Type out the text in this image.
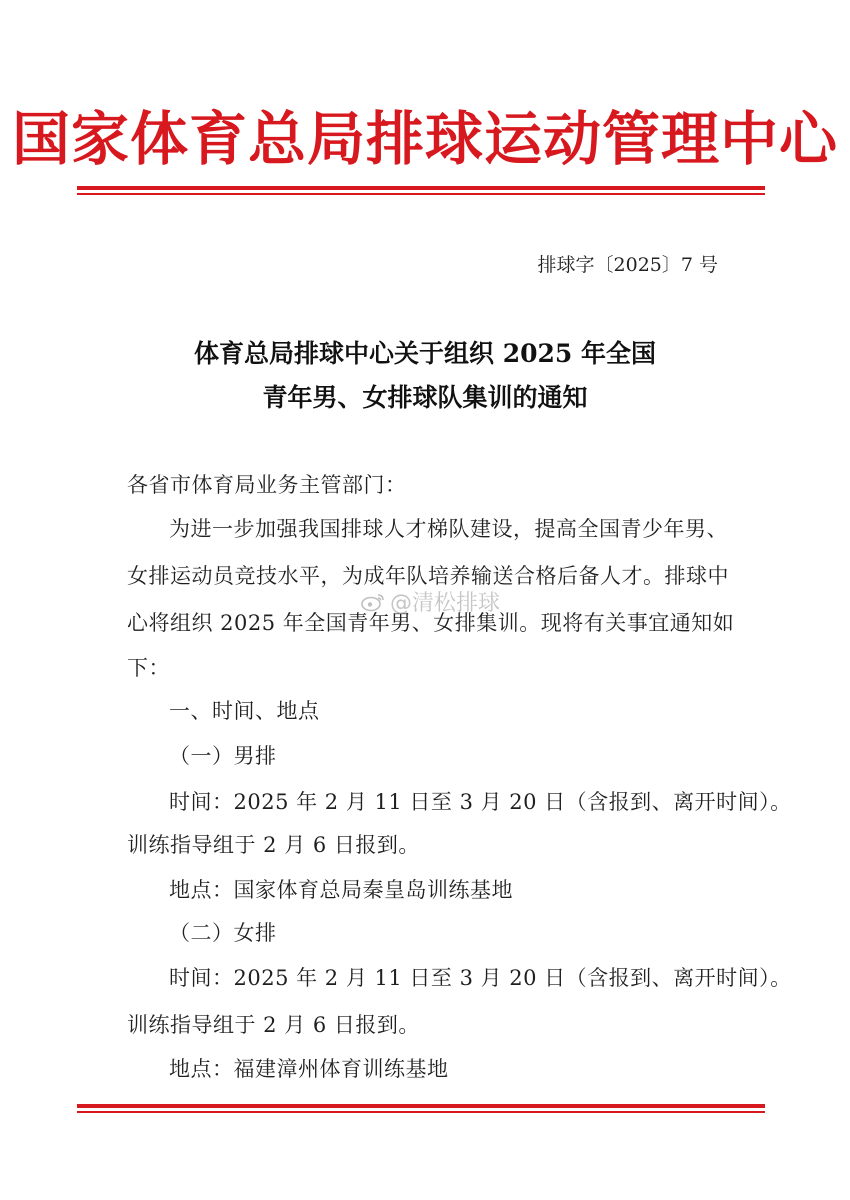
国家体育总局排球运动管理中心
排球字〔2025〕7 号
体育总局排球中心关于组织 2025 年全国
青年男、女排球队集训的通知
各省市体育局业务主管部门：
为进一步加强我国排球人才梯队建设，提高全国青少年男、
女排运动员竞技水平，为成年队培养输送合格后备人才。排球中
心将组织 2025 年全国青年男、女排集训。现将有关事宜通知如
下：
一、时间、地点
（一）男排
时间：2025 年 2 月 11 日至 3 月 20 日（含报到、离开时间）。
训练指导组于 2 月 6 日报到。
地点：国家体育总局秦皇岛训练基地
（二）女排
时间：2025 年 2 月 11 日至 3 月 20 日（含报到、离开时间）。
训练指导组于 2 月 6 日报到。
地点：福建漳州体育训练基地
@清松排球
